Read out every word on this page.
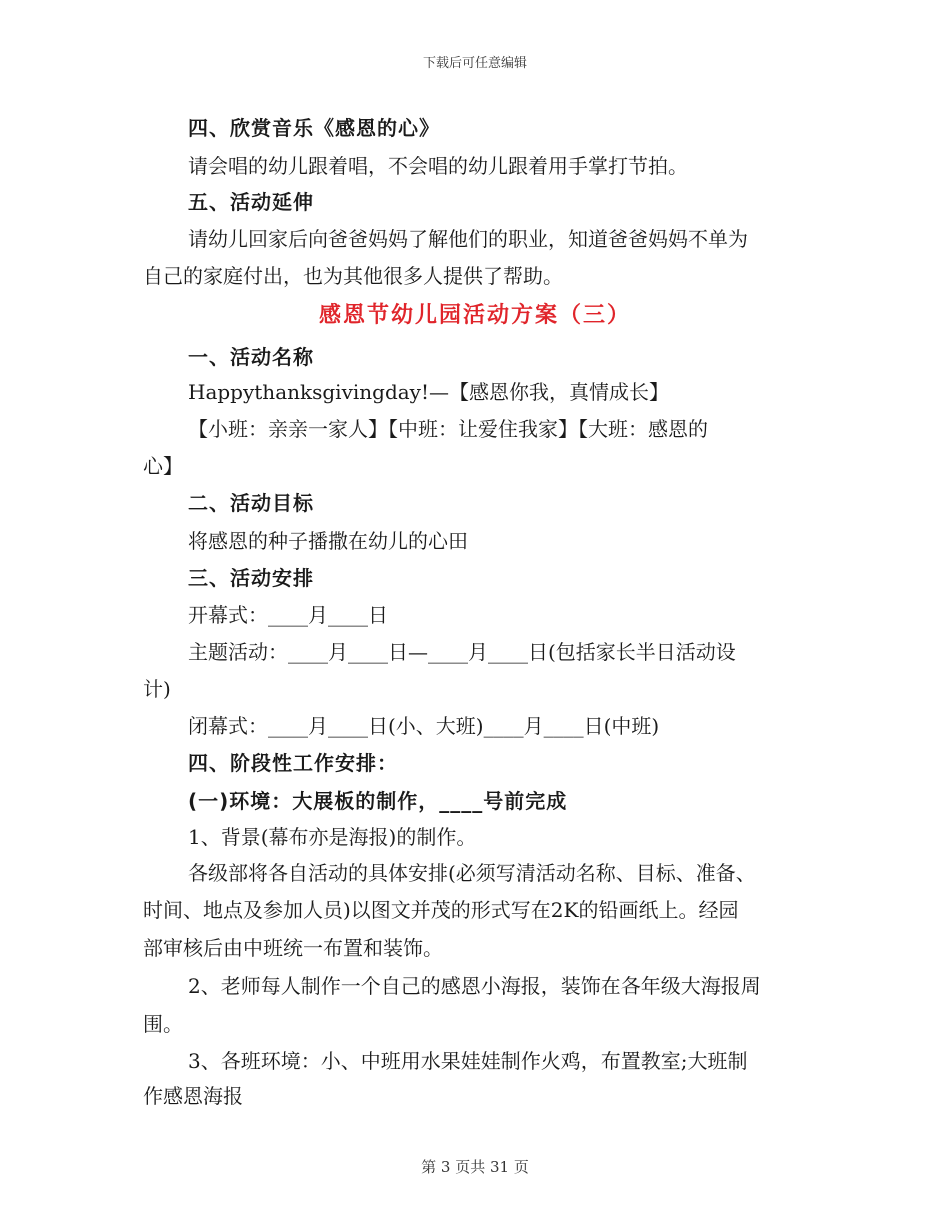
下载后可任意编辑
四、欣赏音乐《感恩的心》
请会唱的幼儿跟着唱，不会唱的幼儿跟着用手掌打节拍。
五、活动延伸
请幼儿回家后向爸爸妈妈了解他们的职业，知道爸爸妈妈不单为
自己的家庭付出，也为其他很多人提供了帮助。
感恩节幼儿园活动方案（三）
一、活动名称
Happythanksgivingday!—【感恩你我，真情成长】
【小班：亲亲一家人】【中班：让爱住我家】【大班：感恩的
心】
二、活动目标
将感恩的种子播撒在幼儿的心田
三、活动安排
开幕式：____月____日
主题活动：____月____日—____月____日(包括家长半日活动设
计)
闭幕式：____月____日(小、大班)____月____日(中班)
四、阶段性工作安排：
(一)环境：大展板的制作，____号前完成
1、背景(幕布亦是海报)的制作。
各级部将各自活动的具体安排(必须写清活动名称、目标、准备、
时间、地点及参加人员)以图文并茂的形式写在2K的铅画纸上。经园
部审核后由中班统一布置和装饰。
2、老师每人制作一个自己的感恩小海报，装饰在各年级大海报周
围。
3、各班环境：小、中班用水果娃娃制作火鸡，布置教室;大班制
作感恩海报
第 3 页共 31 页
